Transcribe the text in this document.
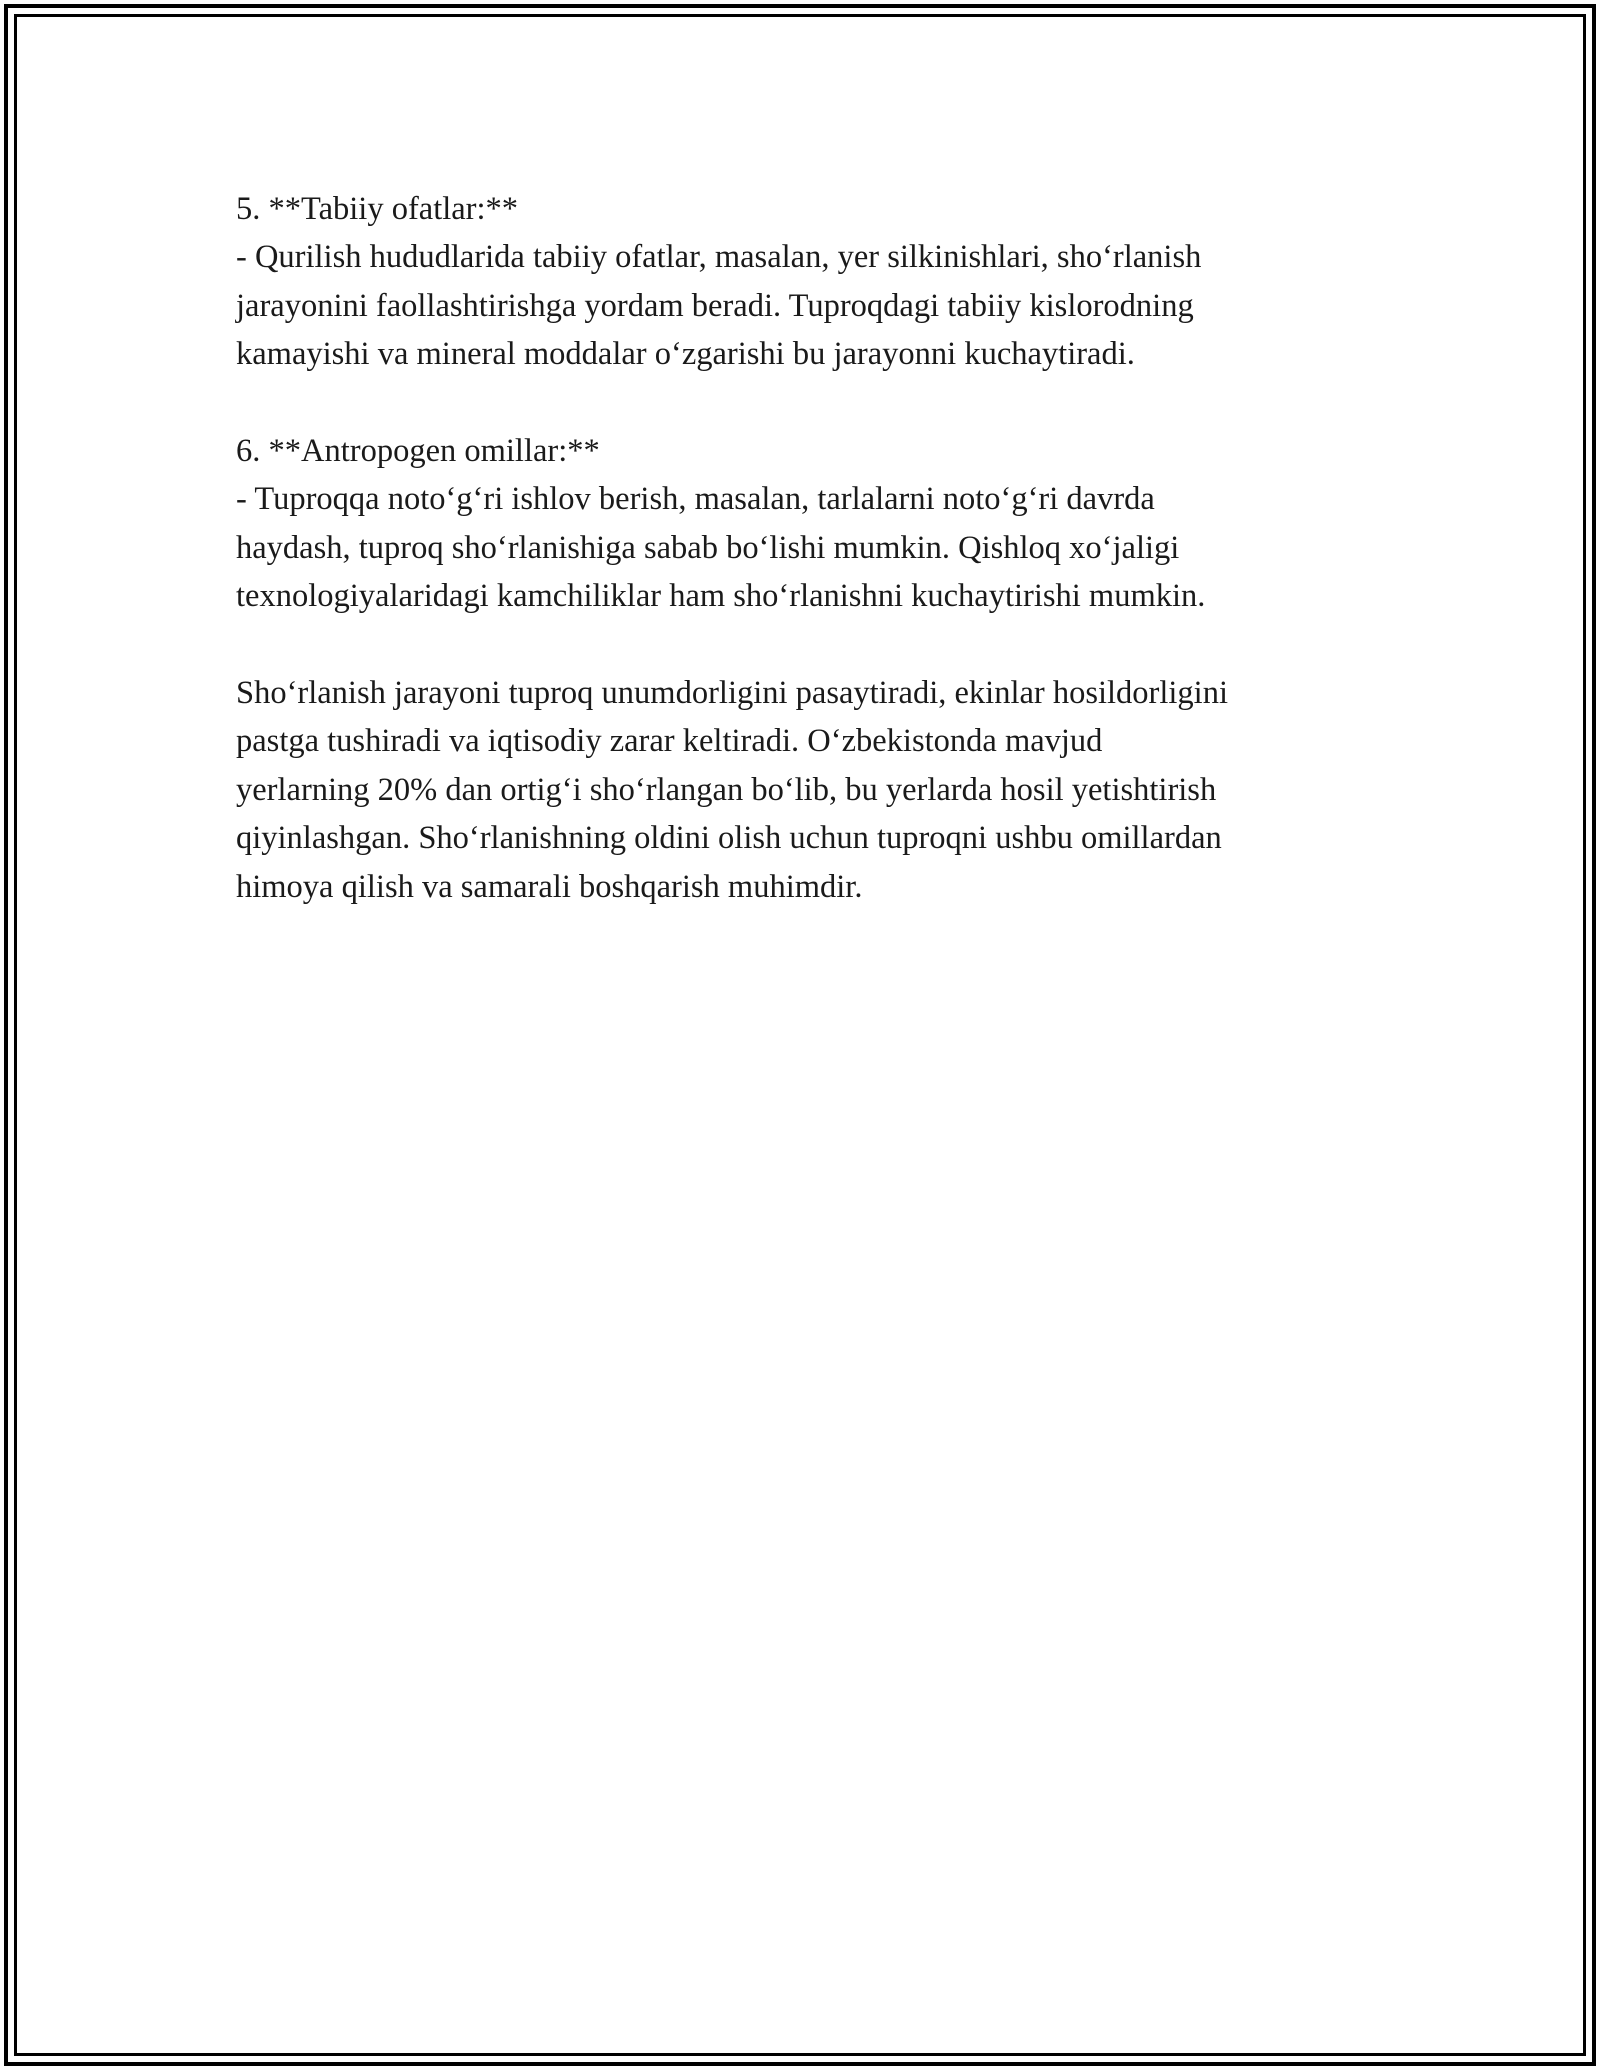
5. **Tabiiy ofatlar:**

- Qurilish hududlarida tabiiy ofatlar, masalan, yer silkinishlari, sho‘rlanish
jarayonini faollashtirishga yordam beradi. Tuproqdagi tabiiy kislorodning
kamayishi va mineral moddalar o‘zgarishi bu jarayonni kuchaytiradi.

6. **Antropogen omillar:**

- Tuproqqa noto‘g‘ri ishlov berish, masalan, tarlalarni noto‘g‘ri davrda
haydash, tuproq sho‘rlanishiga sabab bo‘lishi mumkin. Qishloq xo‘jaligi
texnologiyalaridagi kamchiliklar ham sho‘rlanishni kuchaytirishi mumkin.

Sho‘rlanish jarayoni tuproq unumdorligini pasaytiradi, ekinlar hosildorligini
pastga tushiradi va iqtisodiy zarar keltiradi. O‘zbekistonda mavjud
yerlarning 20% dan ortig‘i sho‘rlangan bo‘lib, bu yerlarda hosil yetishtirish
qiyinlashgan. Sho‘rlanishning oldini olish uchun tuproqni ushbu omillardan
himoya qilish va samarali boshqarish muhimdir.
